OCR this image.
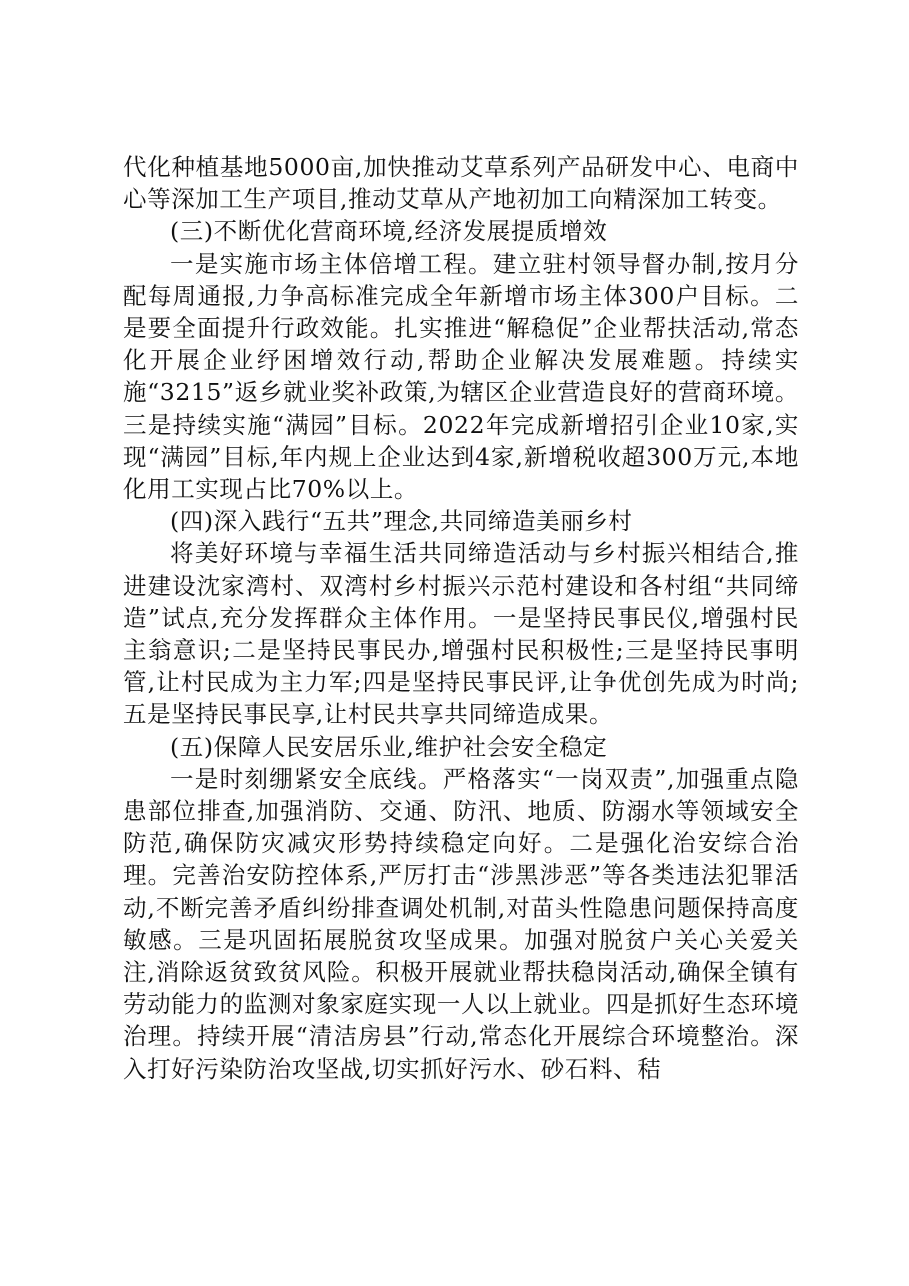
代化种植基地5000亩,加快推动艾草系列产品研发中心、电商中心等深加工生产项目,推动艾草从产地初加工向精深加工转变。

(三)不断优化营商环境,经济发展提质增效

一是实施市场主体倍增工程。建立驻村领导督办制,按月分配每周通报,力争高标准完成全年新增市场主体300户目标。二是要全面提升行政效能。扎实推进“解稳促”企业帮扶活动,常态化开展企业纾困增效行动,帮助企业解决发展难题。持续实施“3215”返乡就业奖补政策,为辖区企业营造良好的营商环境。三是持续实施“满园”目标。2022年完成新增招引企业10家,实现“满园”目标,年内规上企业达到4家,新增税收超300万元,本地化用工实现占比70%以上。

(四)深入践行“五共”理念,共同缔造美丽乡村

将美好环境与幸福生活共同缔造活动与乡村振兴相结合,推进建设沈家湾村、双湾村乡村振兴示范村建设和各村组“共同缔造”试点,充分发挥群众主体作用。一是坚持民事民仪,增强村民主翁意识;二是坚持民事民办,增强村民积极性;三是坚持民事明管,让村民成为主力军;四是坚持民事民评,让争优创先成为时尚;五是坚持民事民享,让村民共享共同缔造成果。

(五)保障人民安居乐业,维护社会安全稳定

一是时刻绷紧安全底线。严格落实“一岗双责”,加强重点隐患部位排查,加强消防、交通、防汛、地质、防溺水等领域安全防范,确保防灾减灾形势持续稳定向好。二是强化治安综合治理。完善治安防控体系,严厉打击“涉黑涉恶”等各类违法犯罪活动,不断完善矛盾纠纷排查调处机制,对苗头性隐患问题保持高度敏感。三是巩固拓展脱贫攻坚成果。加强对脱贫户关心关爱关注,消除返贫致贫风险。积极开展就业帮扶稳岗活动,确保全镇有劳动能力的监测对象家庭实现一人以上就业。四是抓好生态环境治理。持续开展“清洁房县”行动,常态化开展综合环境整治。深入打好污染防治攻坚战,切实抓好污水、砂石料、秸
